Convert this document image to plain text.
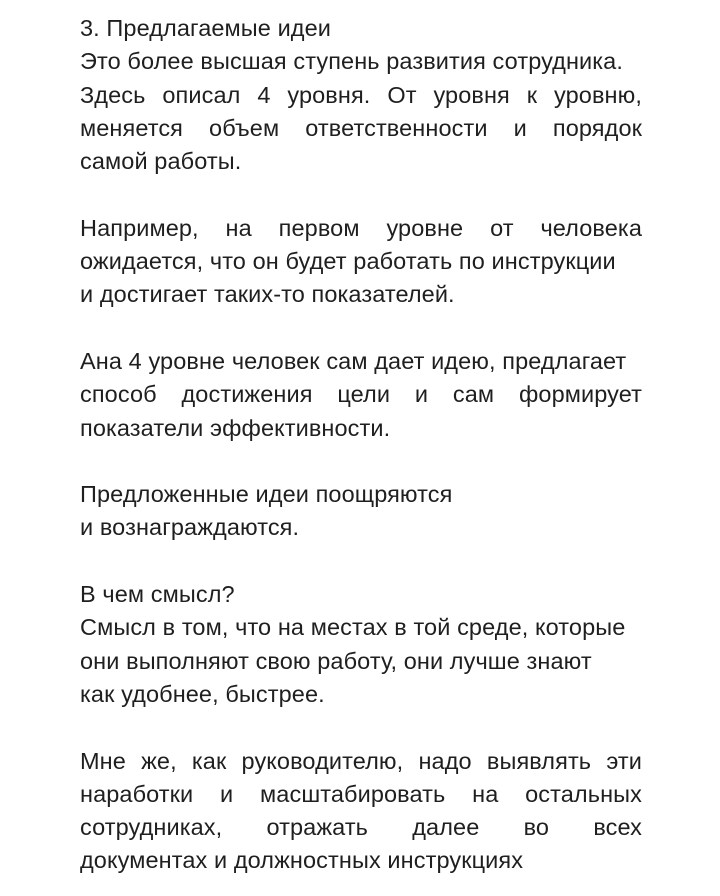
3. Предлагаемые идеи
Это более высшая ступень развития сотрудника.
Здесь описал 4 уровня. От уровня к уровню,
меняется объем ответственности и порядок
самой работы.
Например, на первом уровне от человека
ожидается, что он будет работать по инструкции
и достигает таких-то показателей.
Ана 4 уровне человек сам дает идею, предлагает
способ достижения цели и сам формирует
показатели эффективности.
Предложенные идеи поощряются
и вознаграждаются.
В чем смысл?
Смысл в том, что на местах в той среде, которые
они выполняют свою работу, они лучше знают
как удобнее, быстрее.
Мне же, как руководителю, надо выявлять эти
наработки и масштабировать на остальных
сотрудниках, отражать далее во всех
документах и должностных инструкциях
